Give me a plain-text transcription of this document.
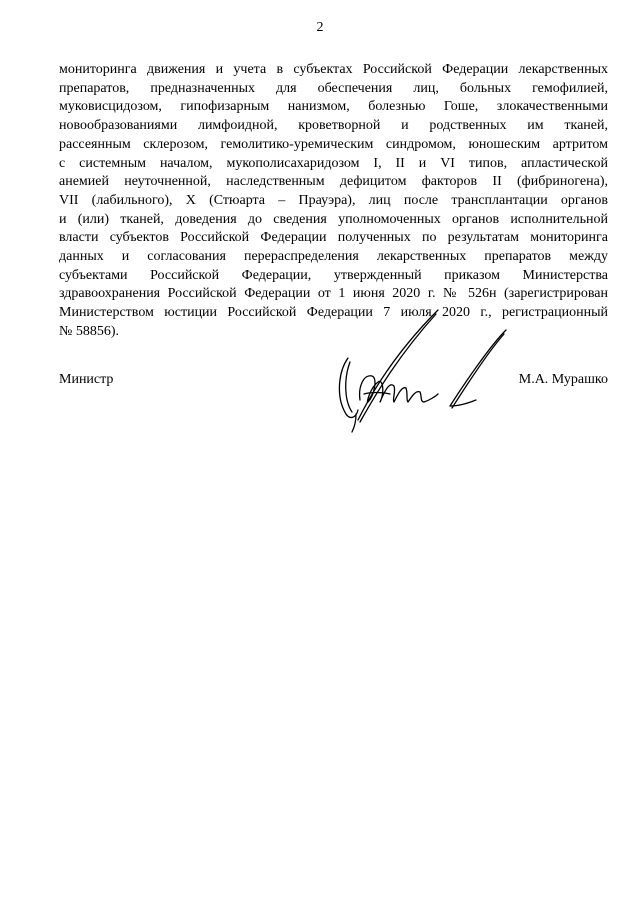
2
мониторинга движения и учета в субъектах Российской Федерации лекарственных
препаратов, предназначенных для обеспечения лиц, больных гемофилией,
муковисцидозом, гипофизарным нанизмом, болезнью Гоше, злокачественными
новообразованиями лимфоидной, кроветворной и родственных им тканей,
рассеянным склерозом, гемолитико-уремическим синдромом, юношеским артритом
с системным началом, мукополисахаридозом I, II и VI типов, апластической
анемией неуточненной, наследственным дефицитом факторов II (фибриногена),
VII (лабильного), X (Стюарта – Прауэра), лиц после трансплантации органов
и (или) тканей, доведения до сведения уполномоченных органов исполнительной
власти субъектов Российской Федерации полученных по результатам мониторинга
данных и согласования перераспределения лекарственных препаратов между
субъектами Российской Федерации, утвержденный приказом Министерства
здравоохранения Российской Федерации от 1 июня 2020 г. № 526н (зарегистрирован
Министерством юстиции Российской Федерации 7 июля 2020 г., регистрационный
№ 58856).
Министр	М.А. Мурашко
